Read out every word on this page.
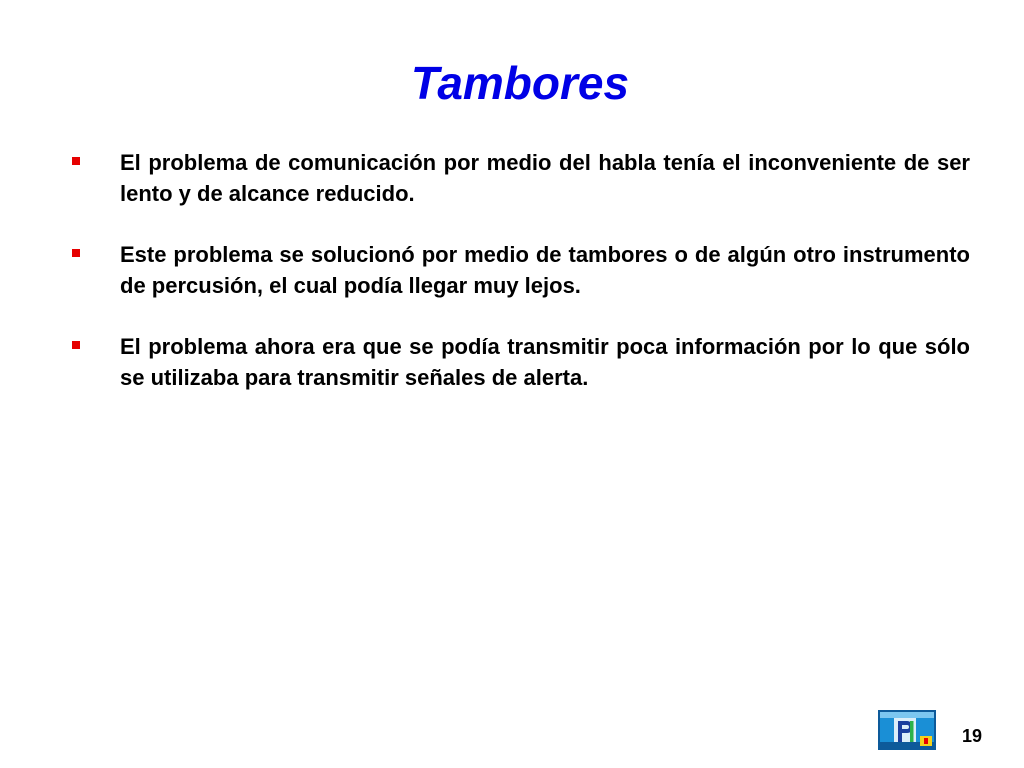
Tambores
El problema de comunicación por medio del habla tenía el inconveniente de ser lento y de alcance reducido.
Este problema se solucionó por medio de tambores o de algún otro instrumento de percusión, el cual podía llegar muy lejos.
El problema ahora era que se podía transmitir poca información por lo que sólo se utilizaba para transmitir señales de alerta.
19
